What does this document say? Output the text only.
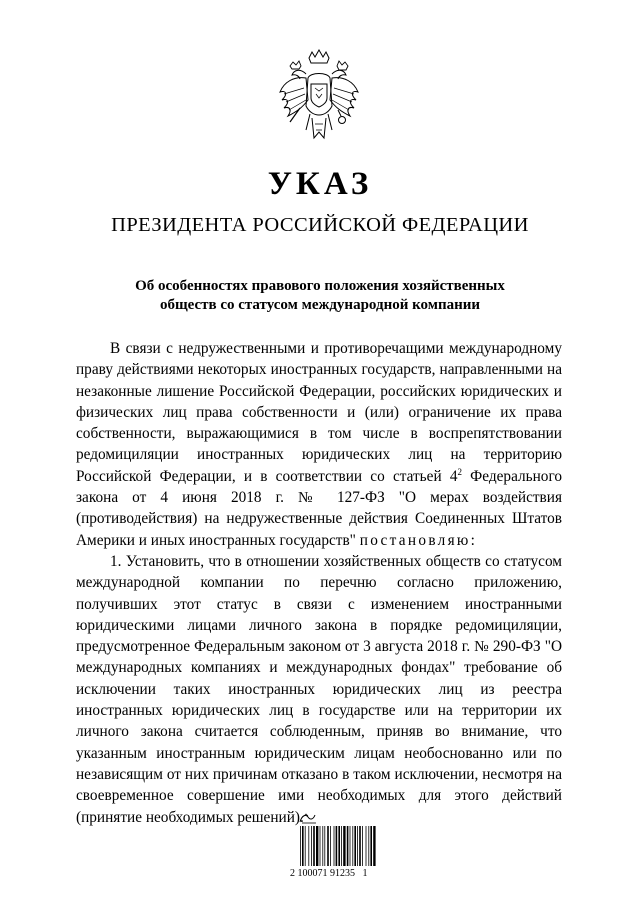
УКАЗ
ПРЕЗИДЕНТА РОССИЙСКОЙ ФЕДЕРАЦИИ
Об особенностях правового положения хозяйственных
обществ со статусом международной компании

В связи с недружественными и противоречащими международному праву действиями некоторых иностранных государств, направленными на незаконные лишение Российской Федерации, российских юридических и физических лиц права собственности и (или) ограничение их права собственности, выражающимися в том числе в воспрепятствовании редомициляции иностранных юридических лиц на территорию Российской Федерации, и в соответствии со статьей $4^2$ Федерального закона от 4 июня 2018 г. № 127-ФЗ "О мерах воздействия (противодействия) на недружественные действия Соединенных Штатов Америки и иных иностранных государств" постановляю:

1. Установить, что в отношении хозяйственных обществ со статусом международной компании по перечню согласно приложению, получивших этот статус в связи с изменением иностранными юридическими лицами личного закона в порядке редомициляции, предусмотренное Федеральным законом от 3 августа 2018 г. № 290-ФЗ "О международных компаниях и международных фондах" требование об исключении таких иностранных юридических лиц из реестра иностранных юридических лиц в государстве или на территории их личного закона считается соблюденным, приняв во внимание, что указанным иностранным юридическим лицам необоснованно или по независящим от них причинам отказано в таком исключении, несмотря на своевременное совершение ими необходимых для этого действий (принятие необходимых решений).

2 100071 91235   1
